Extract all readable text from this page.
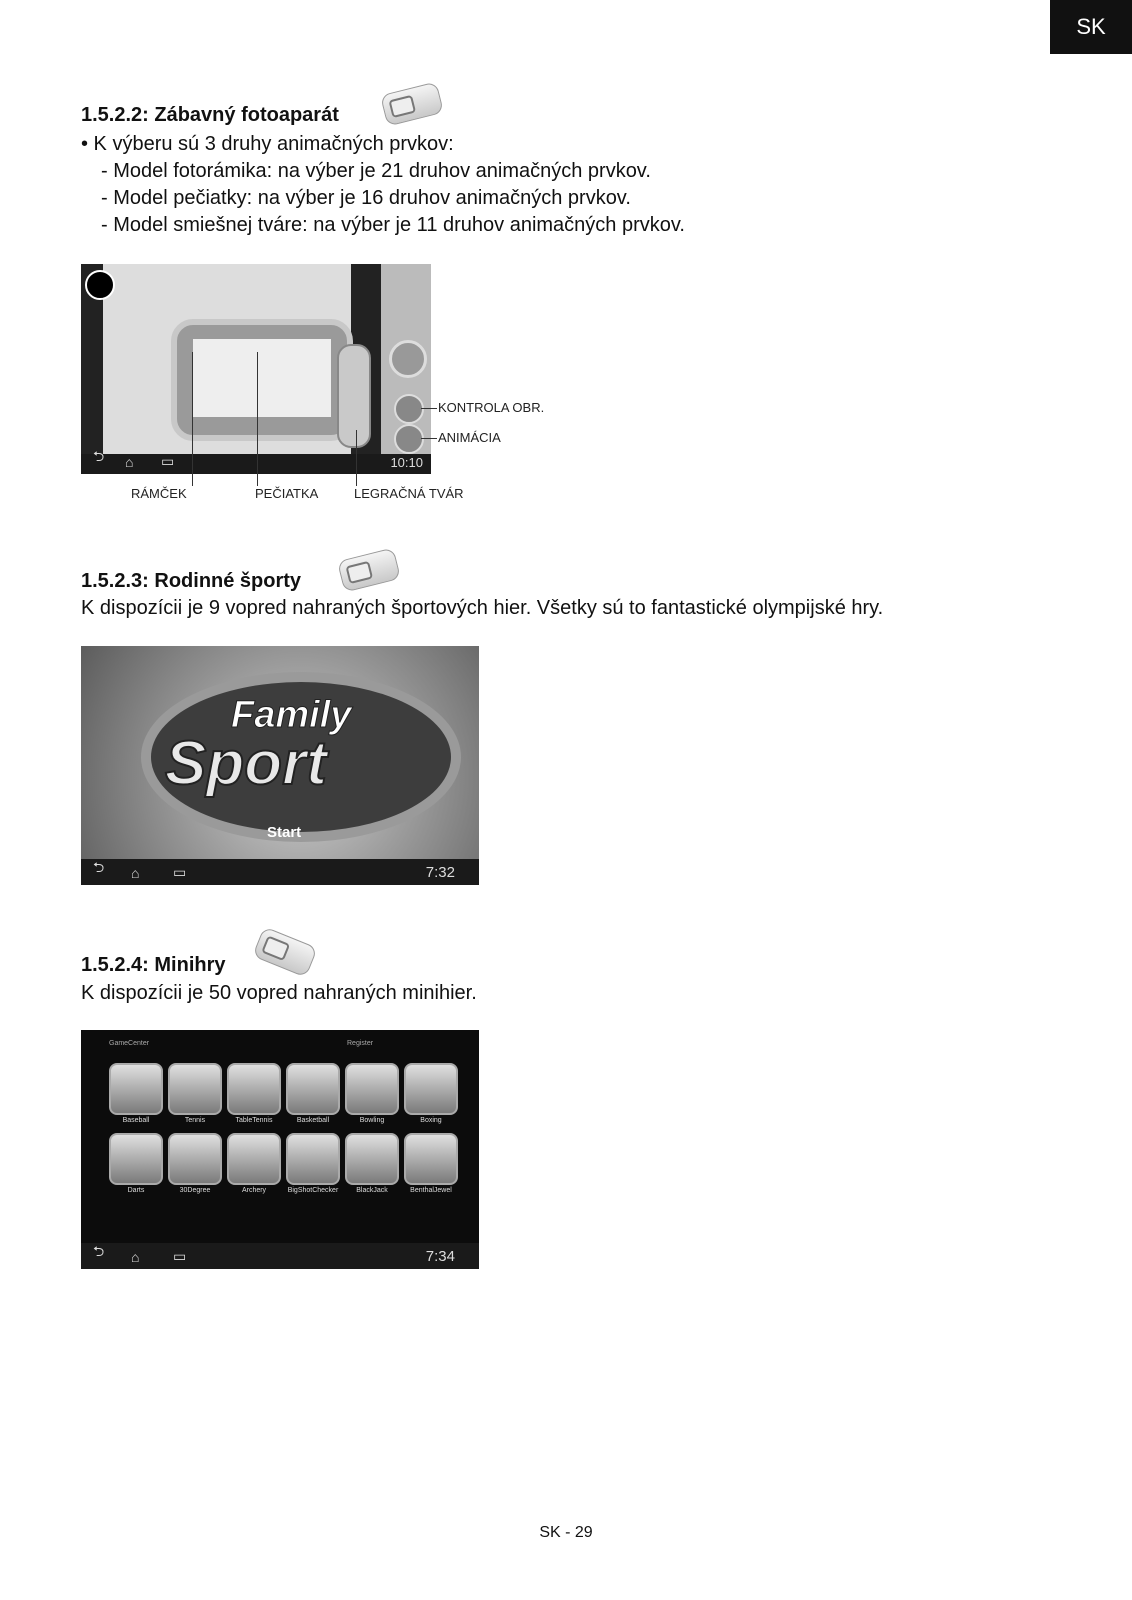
SK
1.5.2.2: Zábavný fotoaparát
• K výberu sú 3 druhy animačných prvkov:
- Model fotorámika: na výber je 21 druhov animačných prvkov.
- Model pečiatky: na výber je 16 druhov animačných prvkov.
- Model smiešnej tváre: na výber je 11 druhov animačných prvkov.
⮌ ⌂ ▭	10:10
KONTROLA OBR.
ANIMÁCIA
RÁMČEK	PEČIATKA	LEGRAČNÁ TVÁR
1.5.2.3: Rodinné športy
K dispozícii je 9 vopred nahraných športových hier. Všetky sú to fantastické olympijské hry.
Family
Sport
Start
⮌ ⌂ ▭	7:32
1.5.2.4: Minihry
K dispozícii je 50 vopred nahraných minihier.
GameCenter	Register
Baseball	Tennis	TableTennis	Basketball	Bowling	Boxing
Darts	30Degree	Archery	BigShotChecker	BlackJack	BenthalJewel
⮌ ⌂ ▭	7:34
SK - 29
